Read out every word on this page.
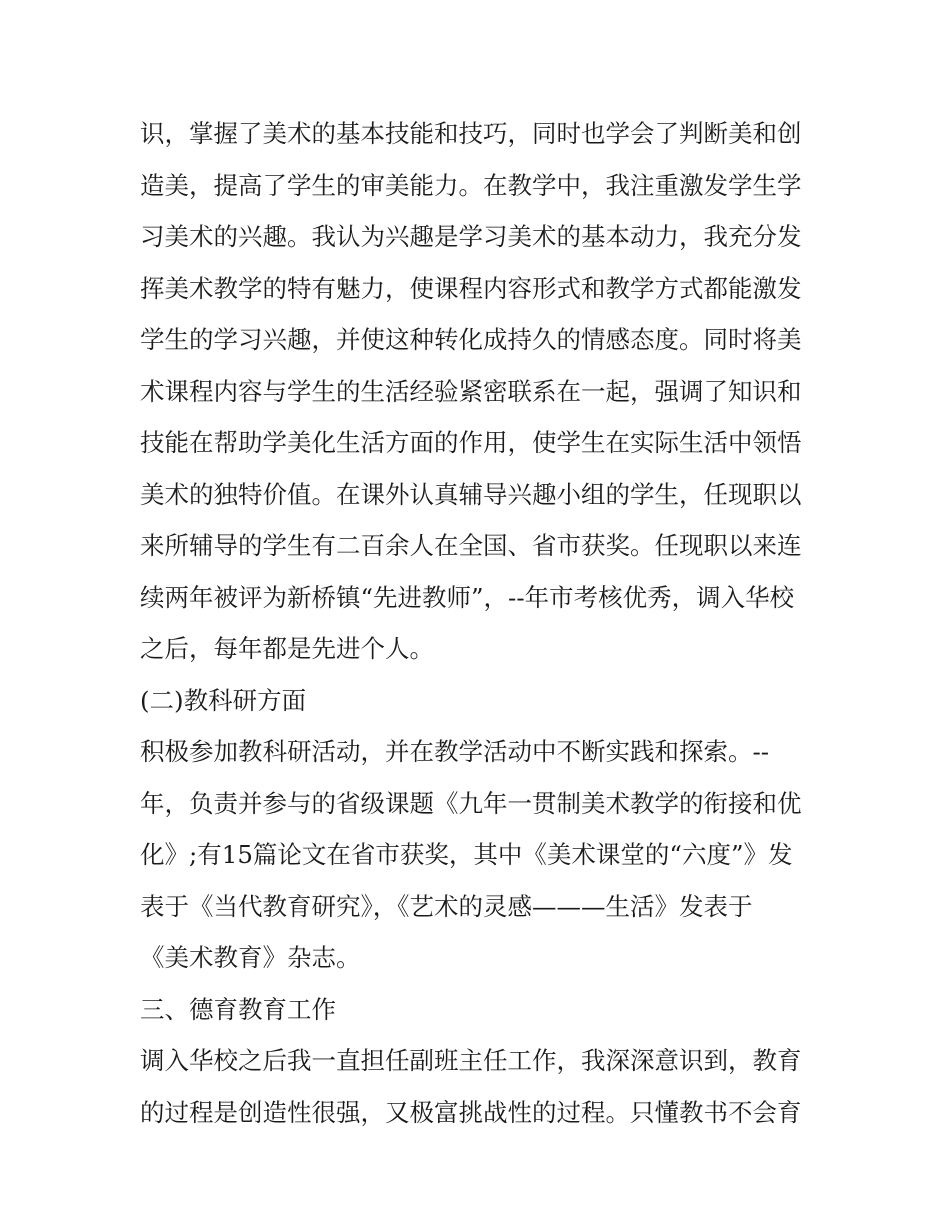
识，掌握了美术的基本技能和技巧，同时也学会了判断美和创
造美，提高了学生的审美能力。在教学中，我注重激发学生学
习美术的兴趣。我认为兴趣是学习美术的基本动力，我充分发
挥美术教学的特有魅力，使课程内容形式和教学方式都能激发
学生的学习兴趣，并使这种转化成持久的情感态度。同时将美
术课程内容与学生的生活经验紧密联系在一起，强调了知识和
技能在帮助学美化生活方面的作用，使学生在实际生活中领悟
美术的独特价值。在课外认真辅导兴趣小组的学生，任现职以
来所辅导的学生有二百余人在全国、省市获奖。任现职以来连
续两年被评为新桥镇“先进教师”，--年市考核优秀，调入华校
之后，每年都是先进个人。
(二)教科研方面
积极参加教科研活动，并在教学活动中不断实践和探索。--
年，负责并参与的省级课题《九年一贯制美术教学的衔接和优
化》;有15篇论文在省市获奖，其中《美术课堂的“六度”》发
表于《当代教育研究》，《艺术的灵感———生活》发表于
《美术教育》杂志。
三、德育教育工作
调入华校之后我一直担任副班主任工作，我深深意识到，教育
的过程是创造性很强，又极富挑战性的过程。只懂教书不会育
